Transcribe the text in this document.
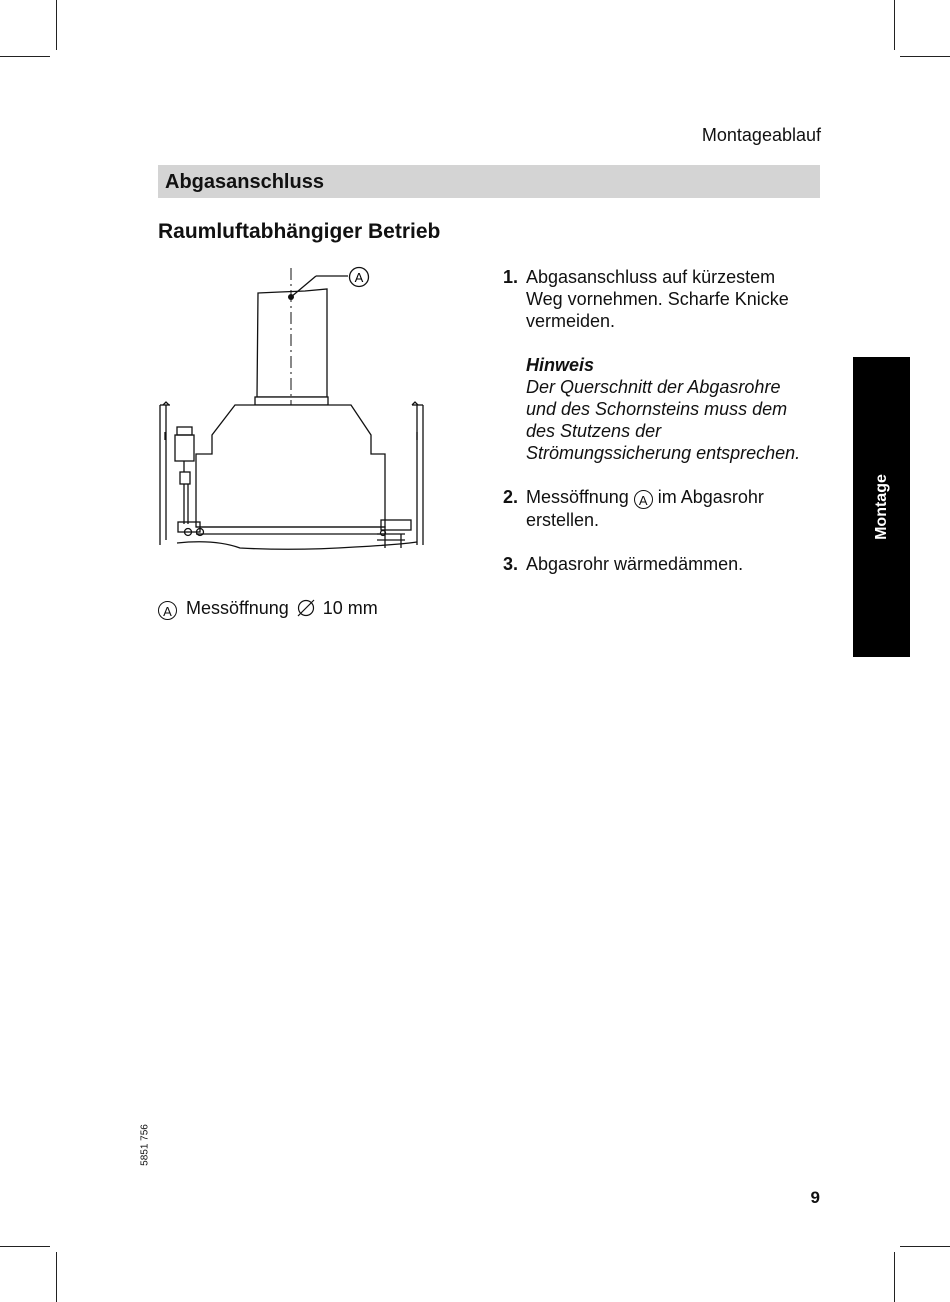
Montageablauf
Abgasanschluss
Raumluftabhängiger Betrieb
A
A Messöffnung 10 mm
1. Abgasanschluss auf kürzestem Weg vornehmen. Scharfe Knicke vermeiden.
Hinweis
Der Querschnitt der Abgasrohre und des Schornsteins muss dem des Stutzens der Strömungssicherung entsprechen.
2. Messöffnung A im Abgasrohr erstellen.
3. Abgasrohr wärmedämmen.
Montage
5851 756
9
